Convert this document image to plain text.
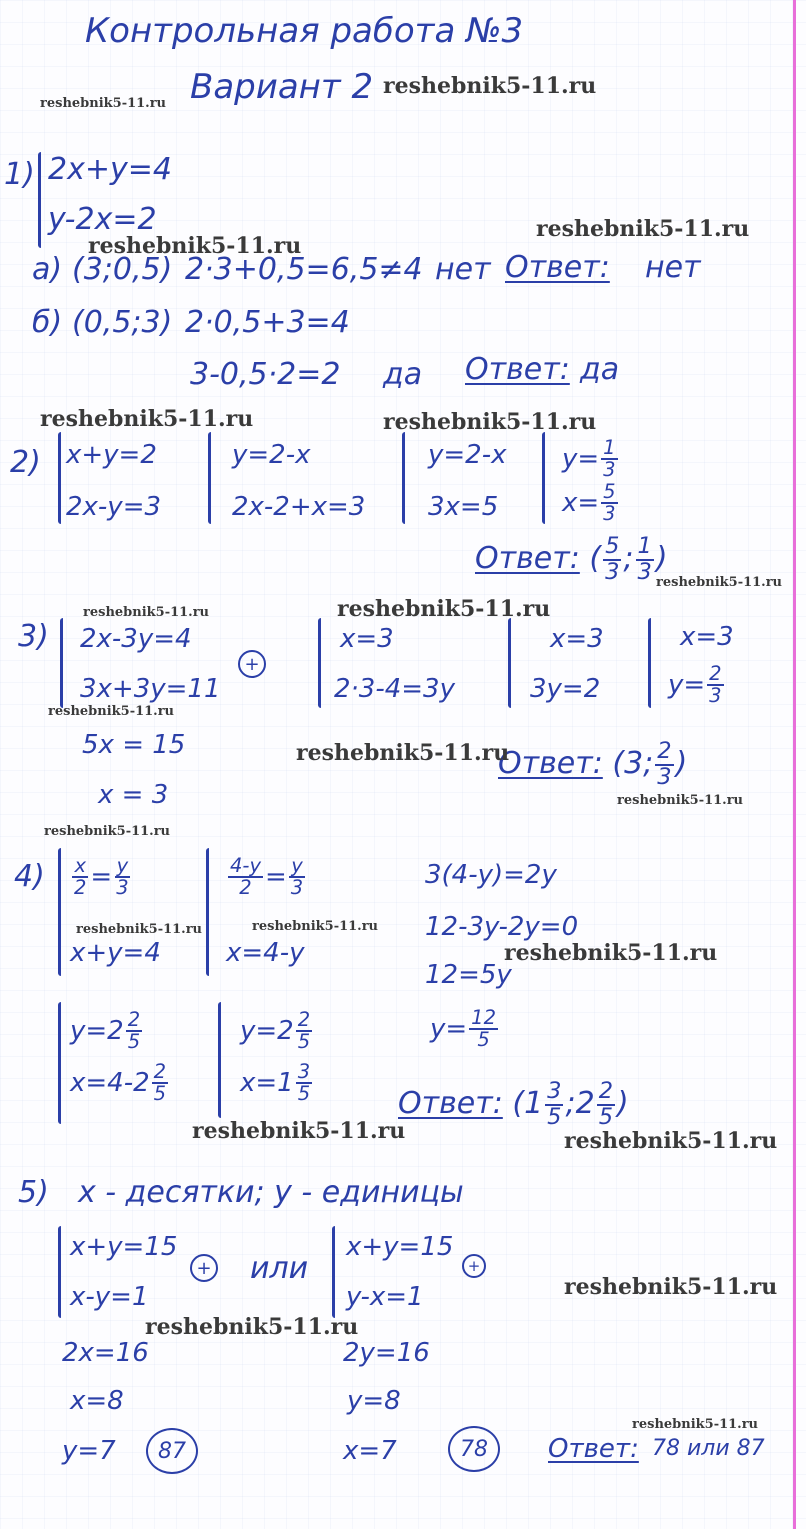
Контрольная работа №3
Вариант 2
1) 2x+y=4
y-2x=2
а) (3;0,5) 2·3+0,5=6,5≠4 нет Ответ: нет
б) (0,5;3) 2·0,5+3=4
3-0,5·2=2 да Ответ: да
2) x+y=2
2x-y=3
y=2-x
2x-2+x=3
y=2-x
3x=5
$y= \frac{1}{3}$
$x= \frac{5}{3}$
Ответ: ( $\frac{5}{3}$ ; $\frac{1}{3}$ )
3) 2x-3y=4
3x+3y=11
+
5x = 15
x = 3
x=3
2·3-4=3y
x=3
3y=2
x=3
$y= \frac{2}{3}$
Ответ: (3; $\frac{2}{3}$ )
$4) \frac{x}{2} = \frac{y}{3}$
x+y=4
$\frac{4-y}{2} = \frac{y}{3}$
x=4-y
3(4-y)=2y
12-3y-2y=0
12=5y
$y= \frac{12}{5}$
$y=2 \frac{2}{5}$
$x=4-2 \frac{2}{5}$
$y=2 \frac{2}{5}$
$x=1 \frac{3}{5}$	Ответ: ($1 \frac{3}{5}$ ;2 $\frac{2}{5}$ )
5) x - десятки; y - единицы
x+y=15
x-y=1
+ или
x+y=15
y-x=1
+
2x=16
x=8
y=7	87
2y=16
y=8
x=7	78	Ответ: 78 или 87
reshebnik5-11.ru
reshebnik5-11.ru
reshebnik5-11.ru
reshebnik5-11.ru
reshebnik5-11.ru	reshebnik5-11.ru
reshebnik5-11.ru
reshebnik5-11.ru
reshebnik5-11.ru
reshebnik5-11.ru
reshebnik5-11.ru
reshebnik5-11.ru
reshebnik5-11.ru
reshebnik5-11.ru	reshebnik5-11.ru
reshebnik5-11.ru
reshebnik5-11.ru	reshebnik5-11.ru
reshebnik5-11.ru
reshebnik5-11.ru
reshebnik5-11.ru
